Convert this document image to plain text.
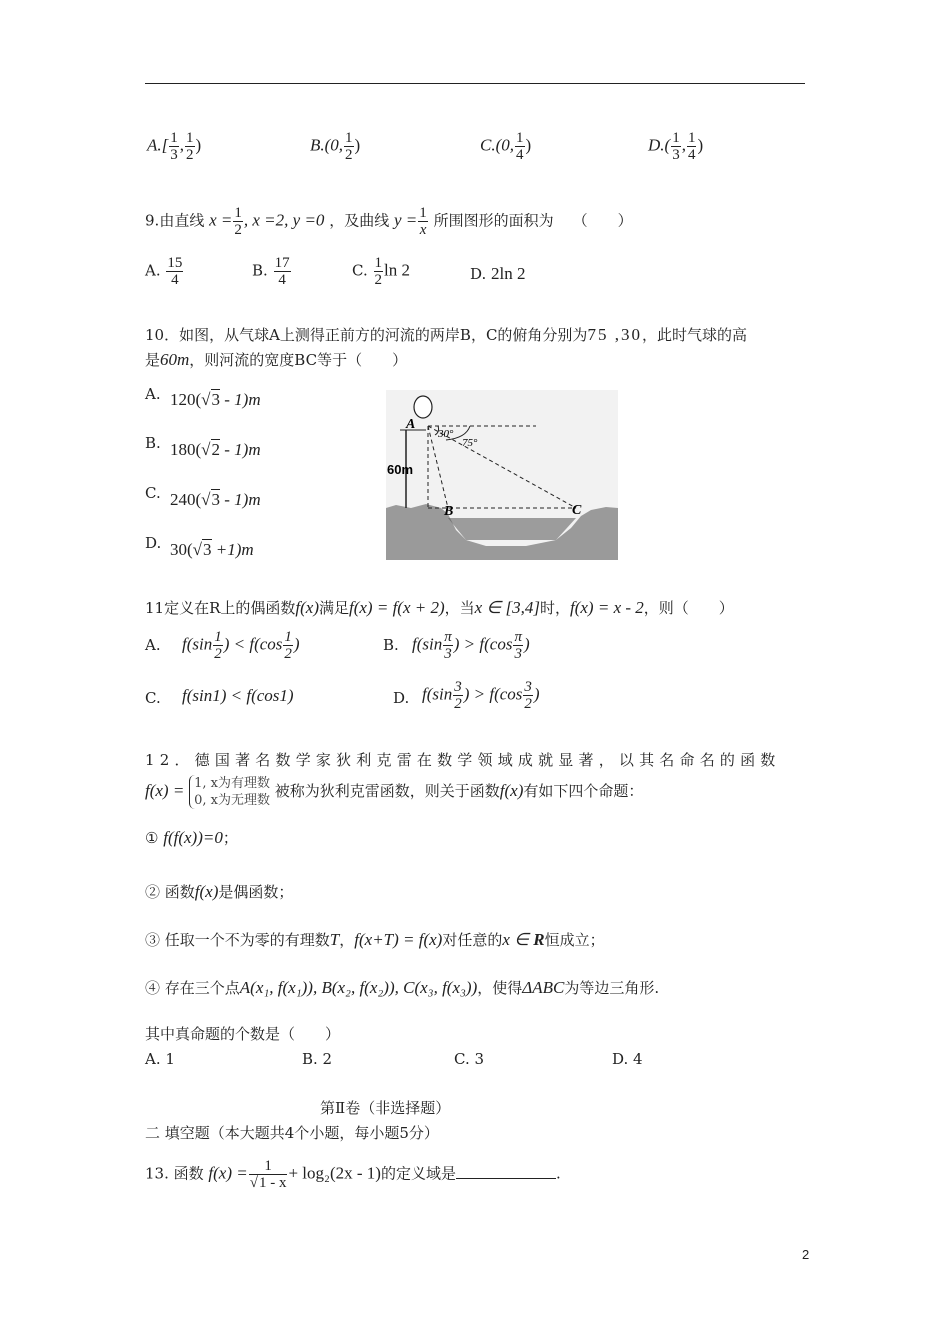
$A.[ \frac{1}{3}$ , $\frac{1}{2}$ )	B.(0, $\frac{1}{2}$ )	C.(0, $\frac{1}{4}$ )	$D.( \frac{1}{3}$ , $\frac{1}{4}$ )
9.由直线 $x = \frac{1}{2}$ , x =2, y =0 ，及曲线 $y = \frac{1}{x}$ 所围图形的面积为 （　　）
A. $\frac{15}{4}$	B. $\frac{17}{4}$	C. $\frac{1}{2}$ ln 2	D. 2ln 2
10．如图，从气球A上测得正前方的河流的两岸B，C的俯角分别为75 ,30，此时气球的高
是60m，则河流的宽度BC等于（　　）
A. 120(√3 - 1)m
B. 180(√2 - 1)m
C. 240(√3 - 1)m
D. 30(√3 +1)m
A
B	C
60m
30°
75°
11定义在R上的偶函数f(x)满足f(x) = f(x + 2)，当x ∈ [3,4]时，f(x) = x - 2，则（　　）
A. $f(\sin \frac{1}{2}$ ) < $f(\cos \frac{1}{2}$ )	B. $f(\sin \frac{\pi}{3}$ ) > $f(\cos \frac{\pi}{3}$ )
C. f(sin1) < f(cos1)	D. $f(\sin \frac{3}{2}$ ) > $f(\cos \frac{3}{2}$ )
12．德国著名数学家狄利克雷在数学领域成就显著，以其名命名的函数
f(x) = 1, x为有理数
0, x为无理数
被称为狄利克雷函数，则关于函数f(x)有如下四个命题：
① f(f(x))=0；
② 函数f(x)是偶函数；
③ 任取一个不为零的有理数T，f(x+T) = f(x)对任意的x ∈ R恒成立；
④ 存在三个点A(x₁, f(x₁)), B(x₂, f(x₂)), C(x₃, f(x₃))，使得ΔABC为等边三角形.
其中真命题的个数是（　　）
A. 1	B. 2	C. 3	D. 4
第Ⅱ卷（非选择题）
二 填空题（本大题共4个小题，每小题5分）
13. 函数 $f(x) = \frac{1}{√1 - x} + \log_2(2x - 1)$的定义域是	.
2
